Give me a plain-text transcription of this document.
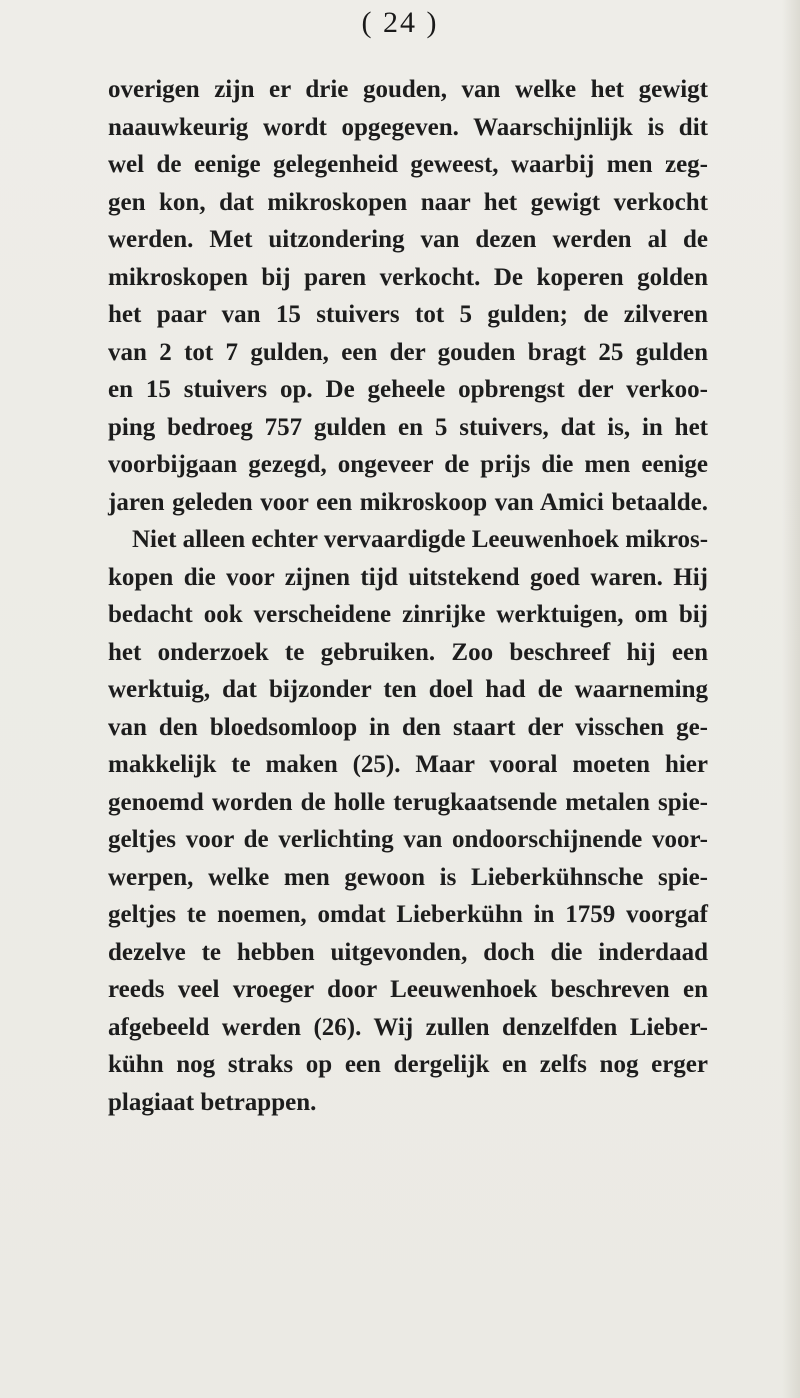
( 24 )
overigen zijn er drie gouden, van welke het gewigt
naauwkeurig wordt opgegeven. Waarschijnlijk is dit
wel de eenige gelegenheid geweest, waarbij men zeg-
gen kon, dat mikroskopen naar het gewigt verkocht
werden. Met uitzondering van dezen werden al de
mikroskopen bij paren verkocht. De koperen golden
het paar van 15 stuivers tot 5 gulden; de zilveren
van 2 tot 7 gulden, een der gouden bragt 25 gulden
en 15 stuivers op. De geheele opbrengst der verkoo-
ping bedroeg 757 gulden en 5 stuivers, dat is, in het
voorbijgaan gezegd, ongeveer de prijs die men eenige
jaren geleden voor een mikroskoop van Amici betaalde.
Niet alleen echter vervaardigde Leeuwenhoek mikros-
kopen die voor zijnen tijd uitstekend goed waren. Hij
bedacht ook verscheidene zinrijke werktuigen, om bij
het onderzoek te gebruiken. Zoo beschreef hij een
werktuig, dat bijzonder ten doel had de waarneming
van den bloedsomloop in den staart der visschen ge-
makkelijk te maken (25). Maar vooral moeten hier
genoemd worden de holle terugkaatsende metalen spie-
geltjes voor de verlichting van ondoorschijnende voor-
werpen, welke men gewoon is Lieberkühnsche spie-
geltjes te noemen, omdat Lieberkühn in 1759 voorgaf
dezelve te hebben uitgevonden, doch die inderdaad
reeds veel vroeger door Leeuwenhoek beschreven en
afgebeeld werden (26). Wij zullen denzelfden Lieber-
kühn nog straks op een dergelijk en zelfs nog erger
plagiaat betrappen.
